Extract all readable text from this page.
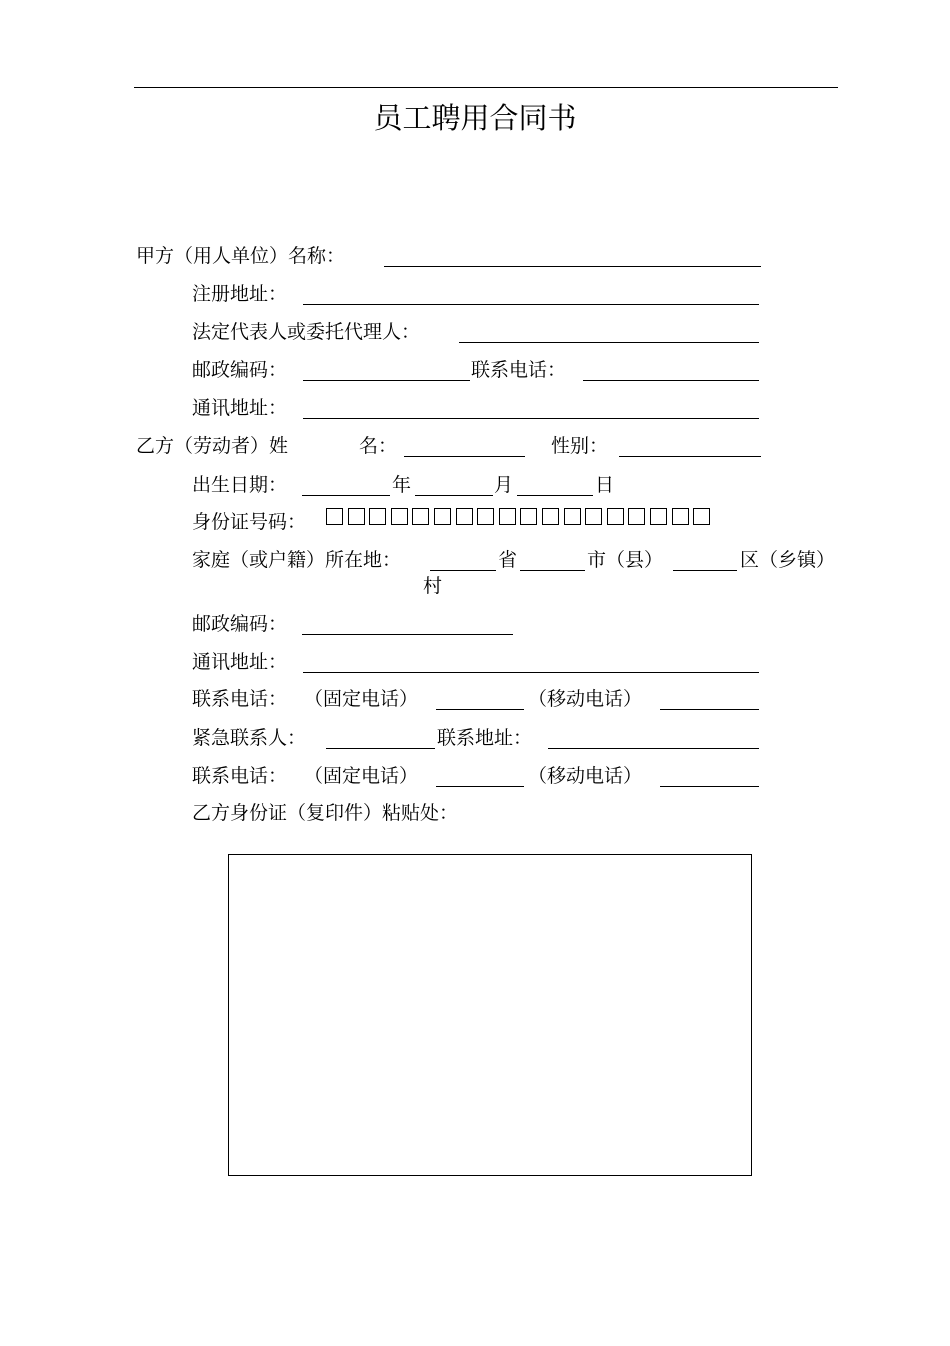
员工聘用合同书
甲方（用人单位）名称：
注册地址：
法定代表人或委托代理人：
邮政编码：	联系电话：
通讯地址：
乙方（劳动者）姓	名：	性别：
出生日期：	年	月	日
身份证号码：
家庭（或户籍）所在地：	省	市（县）	区（乡镇）
村
邮政编码：
通讯地址：
联系电话： （固定电话）	（移动电话）
紧急联系人：	联系地址：
联系电话： （固定电话）	（移动电话）
乙方身份证（复印件）粘贴处：
